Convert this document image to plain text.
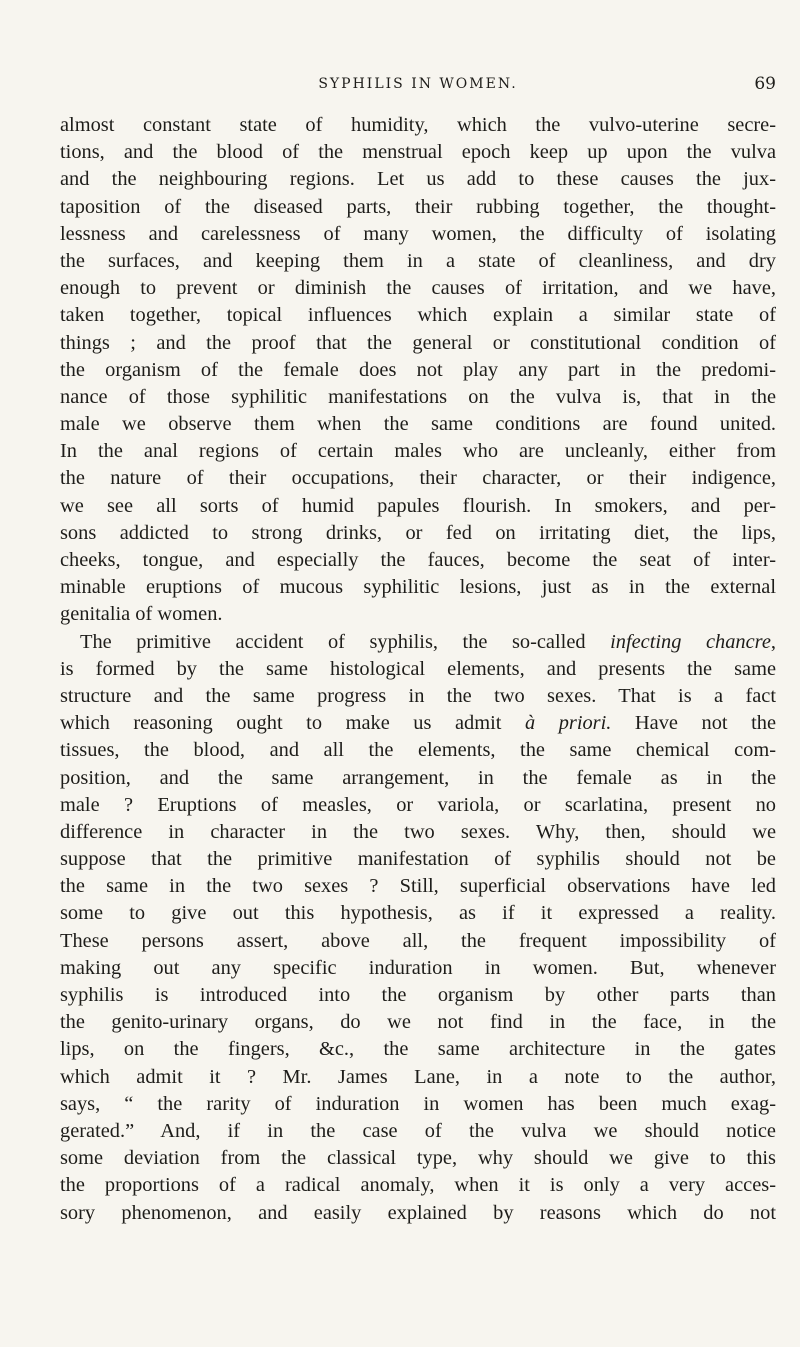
SYPHILIS IN WOMEN.	69
almost constant state of humidity, which the vulvo-uterine secre-
tions, and the blood of the menstrual epoch keep up upon the vulva
and the neighbouring regions. Let us add to these causes the jux-
taposition of the diseased parts, their rubbing together, the thought-
lessness and carelessness of many women, the difficulty of isolating
the surfaces, and keeping them in a state of cleanliness, and dry
enough to prevent or diminish the causes of irritation, and we have,
taken together, topical influences which explain a similar state of
things ; and the proof that the general or constitutional condition of
the organism of the female does not play any part in the predomi-
nance of those syphilitic manifestations on the vulva is, that in the
male we observe them when the same conditions are found united.
In the anal regions of certain males who are uncleanly, either from
the nature of their occupations, their character, or their indigence,
we see all sorts of humid papules flourish. In smokers, and per-
sons addicted to strong drinks, or fed on irritating diet, the lips,
cheeks, tongue, and especially the fauces, become the seat of inter-
minable eruptions of mucous syphilitic lesions, just as in the external
genitalia of women.
The primitive accident of syphilis, the so-called infecting chancre,
is formed by the same histological elements, and presents the same
structure and the same progress in the two sexes. That is a fact
which reasoning ought to make us admit à priori. Have not the
tissues, the blood, and all the elements, the same chemical com-
position, and the same arrangement, in the female as in the
male ? Eruptions of measles, or variola, or scarlatina, present no
difference in character in the two sexes. Why, then, should we
suppose that the primitive manifestation of syphilis should not be
the same in the two sexes ? Still, superficial observations have led
some to give out this hypothesis, as if it expressed a reality.
These persons assert, above all, the frequent impossibility of
making out any specific induration in women. But, whenever
syphilis is introduced into the organism by other parts than
the genito-urinary organs, do we not find in the face, in the
lips, on the fingers, &c., the same architecture in the gates
which admit it ? Mr. James Lane, in a note to the author,
says, “ the rarity of induration in women has been much exag-
gerated.” And, if in the case of the vulva we should notice
some deviation from the classical type, why should we give to this
the proportions of a radical anomaly, when it is only a very acces-
sory phenomenon, and easily explained by reasons which do not
